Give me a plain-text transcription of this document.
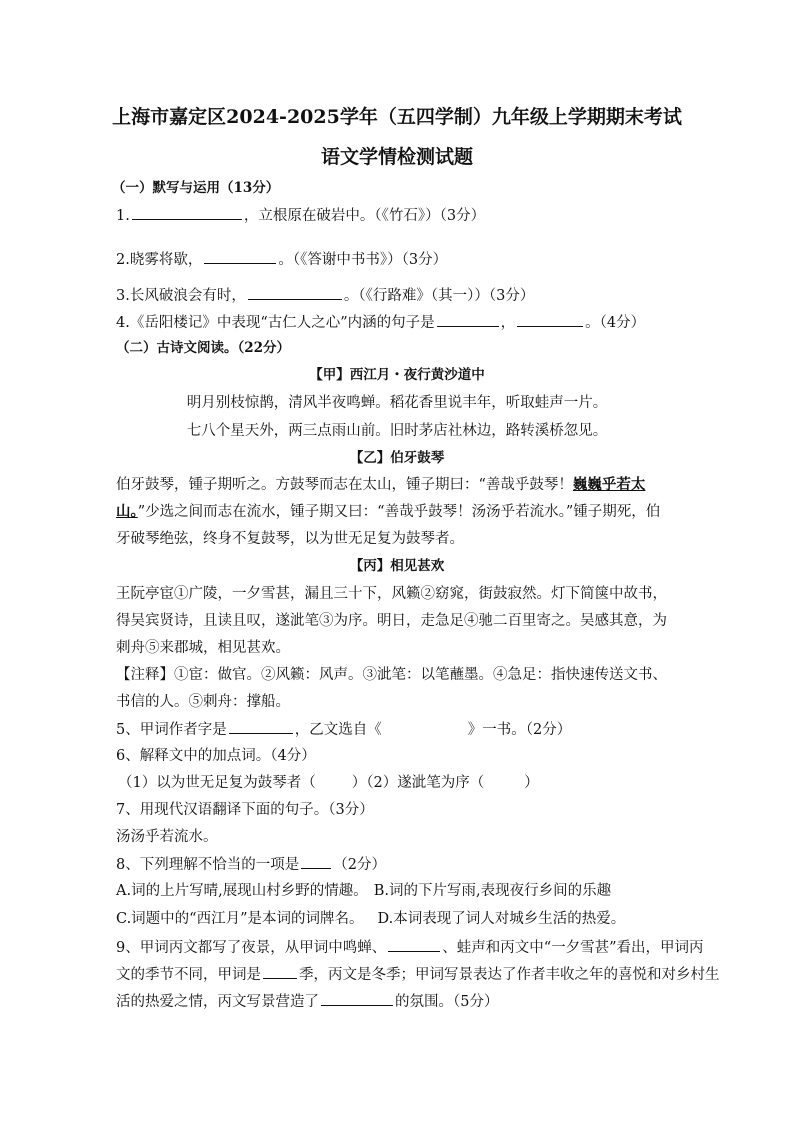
上海市嘉定区2024-2025学年（五四学制）九年级上学期期末考试
语文学情检测试题
（一）默写与运用（13分）
1.	，立根原在破岩中。（《竹石》）（3分）
2.晓雾将歇，	。（《答谢中书书》）（3分）
3.长风破浪会有时，	。（《行路难》（其一））（3分）
4.《岳阳楼记》中表现“古仁人之心”内涵的句子是	，	。（4分）
（二）古诗文阅读。（22分）
【甲】西江月・夜行黄沙道中
明月别枝惊鹊，清风半夜鸣蝉。稻花香里说丰年，听取蛙声一片。
七八个星天外，两三点雨山前。旧时茅店社林边，路转溪桥忽见。
【乙】伯牙鼓琴
伯牙鼓琴，锺子期听之。方鼓琴而志在太山，锺子期曰：“善哉乎鼓琴！巍巍乎若太
山。”少选之间而志在流水，锺子期又曰：“善哉乎鼓琴！汤汤乎若流水。”锺子期死，伯
牙破琴绝弦，终身不复鼓琴，以为世无足复为鼓琴者。
【丙】相见甚欢
王阮亭宦①广陵，一夕雪甚，漏且三十下，风籁②窈窕，街鼓寂然。灯下简箧中故书，
得吴宾贤诗，且读且叹，遂泚笔③为序。明日，走急足④驰二百里寄之。吴感其意，为
刺舟⑤来郡城，相见甚欢。
【注释】①宦：做官。②风籁：风声。③泚笔：以笔蘸墨。④急足：指快速传送文书、
书信的人。⑤刺舟：撑船。
5、甲词作者字是	，乙文选自《	》一书。（2分）
6、解释文中的加点词。（4分）
（1）以为世无足复为鼓琴者（ ）（2）遂泚笔为序（	）
7、用现代汉语翻译下面的句子。（3分）
汤汤乎若流水。
8、下列理解不恰当的一项是 （2分）
A.词的上片写晴,展现山村乡野的情趣。 B.词的下片写雨,表现夜行乡间的乐趣
C.词题中的“西江月”是本词的词牌名。 D.本词表现了词人对城乡生活的热爱。
9、甲词丙文都写了夜景，从甲词中鸣蝉、	、蛙声和丙文中“一夕雪甚”看出，甲词丙
文的季节不同，甲词是	季，丙文是冬季；甲词写景表达了作者丰收之年的喜悦和对乡村生
活的热爱之情，丙文写景营造了	的氛围。（5分）
